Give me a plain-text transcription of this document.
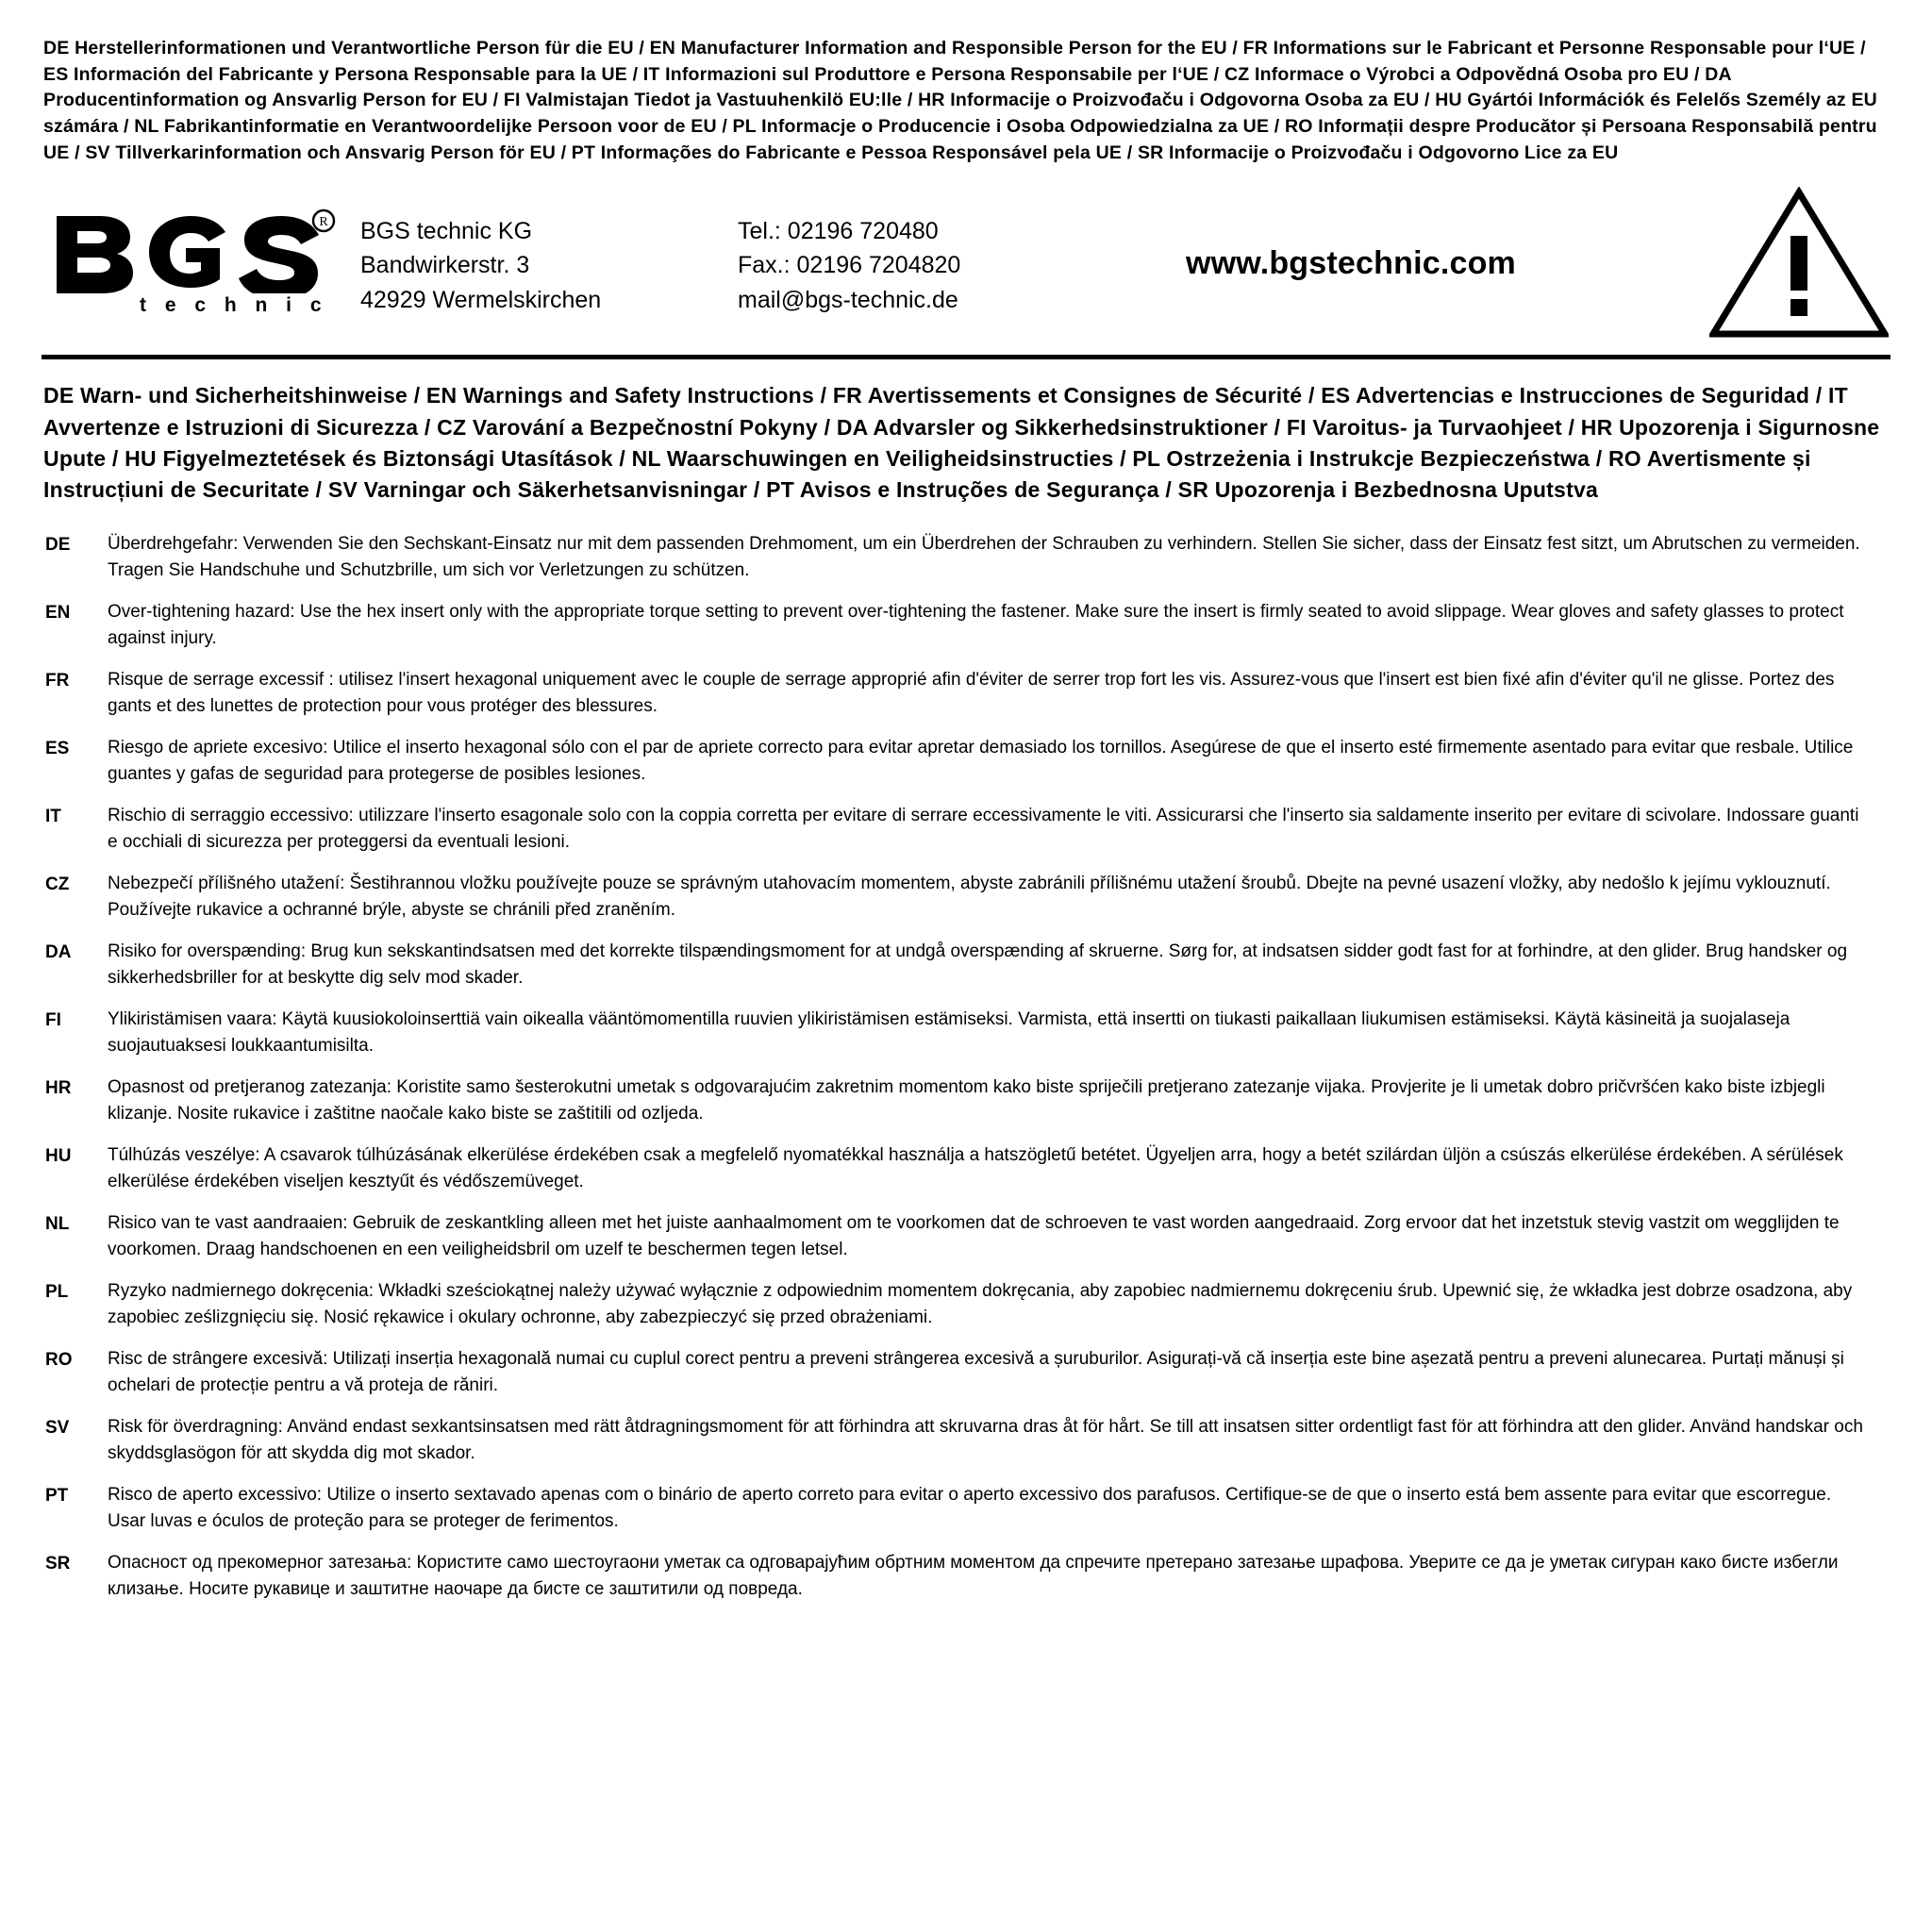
DE Herstellerinformationen und Verantwortliche Person für die EU / EN Manufacturer Information and Responsible Person for the EU / FR Informations sur le Fabricant et Personne Responsable pour l‘UE / ES Información del Fabricante y Persona Responsable para la UE / IT Informazioni sul Produttore e Persona Responsabile per l‘UE / CZ Informace o Výrobci a Odpovědná Osoba pro EU / DA Producentinformation og Ansvarlig Person for EU / FI Valmistajan Tiedot ja Vastuuhenkilö EU:lle / HR Informacije o Proizvođaču i Odgovorna Osoba za EU / HU Gyártói Információk és Felelős Személy az EU számára / NL Fabrikantinformatie en Verantwoordelijke Persoon voor de EU / PL Informacje o Producencie i Osoba Odpowiedzialna za UE / RO Informații despre Producător și Persoana Responsabilă pentru UE / SV Tillverkarinformation och Ansvarig Person för EU / PT Informações do Fabricante e Pessoa Responsável pela UE / SR Informacije o Proizvođaču i Odgovorno Lice za EU
R
t e c h n i c
BGS technic KG
Bandwirkerstr. 3
42929 Wermelskirchen
Tel.: 02196 720480
Fax.: 02196 7204820
mail@bgs-technic.de
www.bgstechnic.com
DE Warn- und Sicherheitshinweise / EN Warnings and Safety Instructions / FR Avertissements et Consignes de Sécurité / ES Advertencias e Instrucciones de Seguridad / IT Avvertenze e Istruzioni di Sicurezza / CZ Varování a Bezpečnostní Pokyny / DA Advarsler og Sikkerhedsinstruktioner / FI Varoitus- ja Turvaohjeet / HR Upozorenja i Sigurnosne Upute / HU Figyelmeztetések és Biztonsági Utasítások / NL Waarschuwingen en Veiligheidsinstructies / PL Ostrzeżenia i Instrukcje Bezpieczeństwa / RO Avertismente și Instrucțiuni de Securitate / SV Varningar och Säkerhetsanvisningar / PT Avisos e Instruções de Segurança / SR Upozorenja i Bezbednosna Uputstva
DE	Überdrehgefahr: Verwenden Sie den Sechskant-Einsatz nur mit dem passenden Drehmoment, um ein Überdrehen der Schrauben zu verhindern. Stellen Sie sicher, dass der Einsatz fest sitzt, um Abrutschen zu vermeiden. Tragen Sie Handschuhe und Schutzbrille, um sich vor Verletzungen zu schützen.
EN	Over-tightening hazard: Use the hex insert only with the appropriate torque setting to prevent over-tightening the fastener. Make sure the insert is firmly seated to avoid slippage. Wear gloves and safety glasses to protect against injury.
FR	Risque de serrage excessif : utilisez l'insert hexagonal uniquement avec le couple de serrage approprié afin d'éviter de serrer trop fort les vis. Assurez-vous que l'insert est bien fixé afin d'éviter qu'il ne glisse. Portez des gants et des lunettes de protection pour vous protéger des blessures.
ES	Riesgo de apriete excesivo: Utilice el inserto hexagonal sólo con el par de apriete correcto para evitar apretar demasiado los tornillos. Asegúrese de que el inserto esté firmemente asentado para evitar que resbale. Utilice guantes y gafas de seguridad para protegerse de posibles lesiones.
IT	Rischio di serraggio eccessivo: utilizzare l'inserto esagonale solo con la coppia corretta per evitare di serrare eccessivamente le viti. Assicurarsi che l'inserto sia saldamente inserito per evitare di scivolare. Indossare guanti e occhiali di sicurezza per proteggersi da eventuali lesioni.
CZ	Nebezpečí přílišného utažení: Šestihrannou vložku používejte pouze se správným utahovacím momentem, abyste zabránili přílišnému utažení šroubů. Dbejte na pevné usazení vložky, aby nedošlo k jejímu vyklouznutí. Používejte rukavice a ochranné brýle, abyste se chránili před zraněním.
DA	Risiko for overspænding: Brug kun sekskantindsatsen med det korrekte tilspændingsmoment for at undgå overspænding af skruerne. Sørg for, at indsatsen sidder godt fast for at forhindre, at den glider. Brug handsker og sikkerhedsbriller for at beskytte dig selv mod skader.
FI	Ylikiristämisen vaara: Käytä kuusiokoloinserttiä vain oikealla vääntömomentilla ruuvien ylikiristämisen estämiseksi. Varmista, että insertti on tiukasti paikallaan liukumisen estämiseksi. Käytä käsineitä ja suojalaseja suojautuaksesi loukkaantumisilta.
HR	Opasnost od pretjeranog zatezanja: Koristite samo šesterokutni umetak s odgovarajućim zakretnim momentom kako biste spriječili pretjerano zatezanje vijaka. Provjerite je li umetak dobro pričvršćen kako biste izbjegli klizanje. Nosite rukavice i zaštitne naočale kako biste se zaštitili od ozljeda.
HU	Túlhúzás veszélye: A csavarok túlhúzásának elkerülése érdekében csak a megfelelő nyomatékkal használja a hatszögletű betétet. Ügyeljen arra, hogy a betét szilárdan üljön a csúszás elkerülése érdekében. A sérülések elkerülése érdekében viseljen kesztyűt és védőszemüveget.
NL	Risico van te vast aandraaien: Gebruik de zeskantkling alleen met het juiste aanhaalmoment om te voorkomen dat de schroeven te vast worden aangedraaid. Zorg ervoor dat het inzetstuk stevig vastzit om wegglijden te voorkomen. Draag handschoenen en een veiligheidsbril om uzelf te beschermen tegen letsel.
PL	Ryzyko nadmiernego dokręcenia: Wkładki sześciokątnej należy używać wyłącznie z odpowiednim momentem dokręcania, aby zapobiec nadmiernemu dokręceniu śrub. Upewnić się, że wkładka jest dobrze osadzona, aby zapobiec ześlizgnięciu się. Nosić rękawice i okulary ochronne, aby zabezpieczyć się przed obrażeniami.
RO	Risc de strângere excesivă: Utilizați inserția hexagonală numai cu cuplul corect pentru a preveni strângerea excesivă a șuruburilor. Asigurați-vă că inserția este bine așezată pentru a preveni alunecarea. Purtați mănuși și ochelari de protecție pentru a vă proteja de răniri.
SV	Risk för överdragning: Använd endast sexkantsinsatsen med rätt åtdragningsmoment för att förhindra att skruvarna dras åt för hårt. Se till att insatsen sitter ordentligt fast för att förhindra att den glider. Använd handskar och skyddsglasögon för att skydda dig mot skador.
PT	Risco de aperto excessivo: Utilize o inserto sextavado apenas com o binário de aperto correto para evitar o aperto excessivo dos parafusos. Certifique-se de que o inserto está bem assente para evitar que escorregue. Usar luvas e óculos de proteção para se proteger de ferimentos.
SR	Опасност од прекомерног затезања: Користите само шестоугаони уметак са одговарајућим обртним моментом да спречите претерано затезање шрафова. Уверите се да је уметак сигуран како бисте избегли клизање. Носите рукавице и заштитне наочаре да бисте се заштитили од повреда.
